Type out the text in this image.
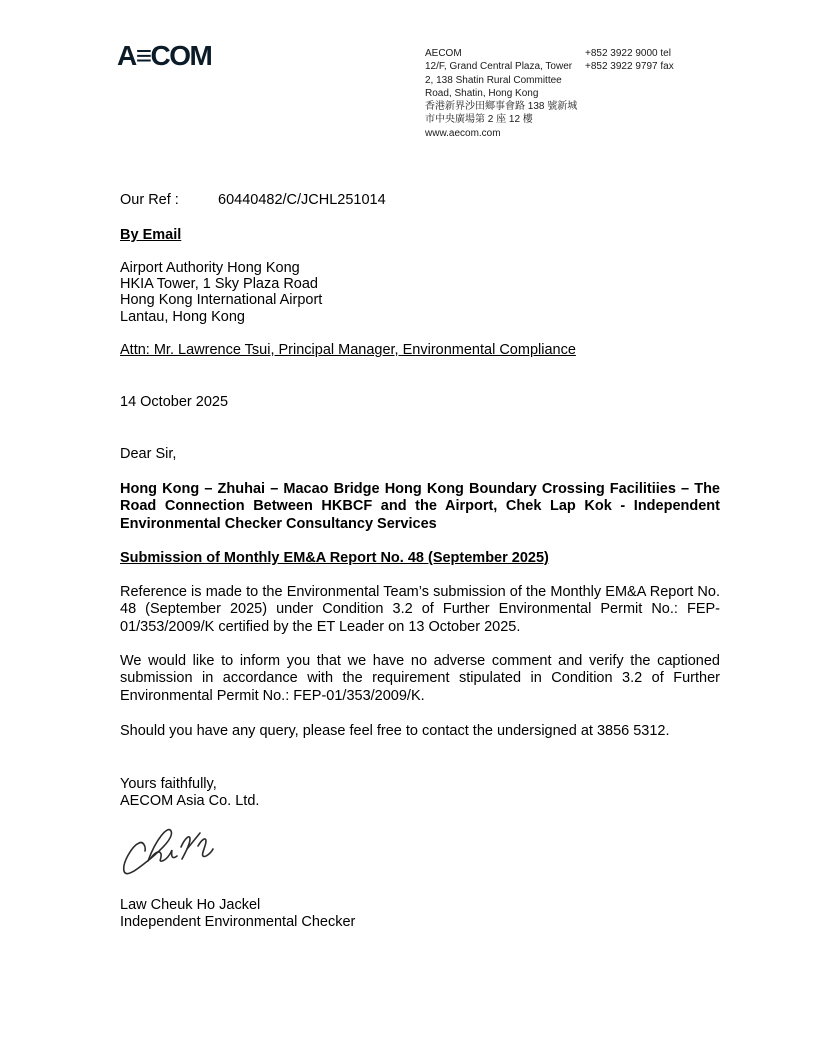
A≡COM	AECOM
12/F, Grand Central Plaza, Tower
2, 138 Shatin Rural Committee
Road, Shatin, Hong Kong
香港新界沙田鄉事會路 138 號新城
市中央廣場第 2 座 12 樓
www.aecom.com
+852 3922 9000 tel
+852 3922 9797 fax
Our Ref :	60440482/C/JCHL251014
By Email
Airport Authority Hong Kong
HKIA Tower, 1 Sky Plaza Road
Hong Kong International Airport
Lantau, Hong Kong
Attn: Mr. Lawrence Tsui, Principal Manager, Environmental Compliance
14 October 2025
Dear Sir,
Hong Kong – Zhuhai – Macao Bridge Hong Kong Boundary Crossing Facilitiies – The Road Connection Between HKBCF and the Airport, Chek Lap Kok - Independent Environmental Checker Consultancy Services
Submission of Monthly EM&A Report No. 48 (September 2025)
Reference is made to the Environmental Team’s submission of the Monthly EM&A Report No. 48 (September 2025) under Condition 3.2 of Further Environmental Permit No.: FEP-01/353/2009/K certified by the ET Leader on 13 October 2025.
We would like to inform you that we have no adverse comment and verify the captioned submission in accordance with the requirement stipulated in Condition 3.2 of Further Environmental Permit No.: FEP-01/353/2009/K.
Should you have any query, please feel free to contact the undersigned at 3856 5312.
Yours faithfully,
AECOM Asia Co. Ltd.
Law Cheuk Ho Jackel
Independent Environmental Checker
